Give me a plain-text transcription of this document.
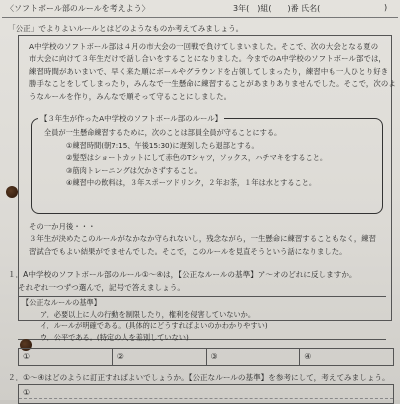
〈ソフトボール部のルールを考えよう〉	3年(　)組(　　)番 氏名(	)
「公正」でよりよいルールとはどのようなものか考えてみましょう。

A中学校のソフトボール部は４月の市大会の一回戦で負けてしまいました。そこで、次の大会となる夏の

市大会に向けて３年生だけで話し合いをすることになりました。今までのA中学校のソフトボール部では，

練習時間があいまいで、早く来た順にボールやグラウンドを占領してしまったり，練習中も一人ひとり好き

勝手なことをしてしまったり，みんなで一生懸命に練習することがあまりありませんでした。そこで，次のよ

うなルールを作り，みんなで順そって守ることにしました。

【３年生が作ったA中学校のソフトボール部のルール】

全員が一生懸命練習するために，次のことは部員全員が守ることにする。

①練習時間(朝7:15、午後15:30)に遅刻したら退部とする。

②髪型はショートカットにして赤色のTシャツ，ソックス，ハチマキをすること。

③筋肉トレーニングは欠かさずすること。

④練習中の飲料は，３年スポーツドリンク，２年お茶，１年は水とすること。

その一か月後・・・

３年生が決めたこのルールがなかなか守られないし，残念ながら，一生懸命に練習することもなく，練習

習試合でもよい結果がでませんでした。そこで，このルールを見直そうという話になりました。

１．A中学校のソフトボール部のルール①〜④は，【公正なルールの基準】ア〜オのどれに反しますか。

それぞれ一つずつ選んで，記号で答えましょう。

【公正なルールの基準】

ア．必要以上に人の行動を制限したり，権利を侵害していないか。

イ．ルールが明確である。(具体的にどうすればよいのかわかりやすい)

ウ．公平である。(特定の人を差別していない)

①	②	③	④
２．①〜④はどのように訂正すればよいでしょうか。【公正なルールの基準】を参考にして，考えてみましょう。
①
